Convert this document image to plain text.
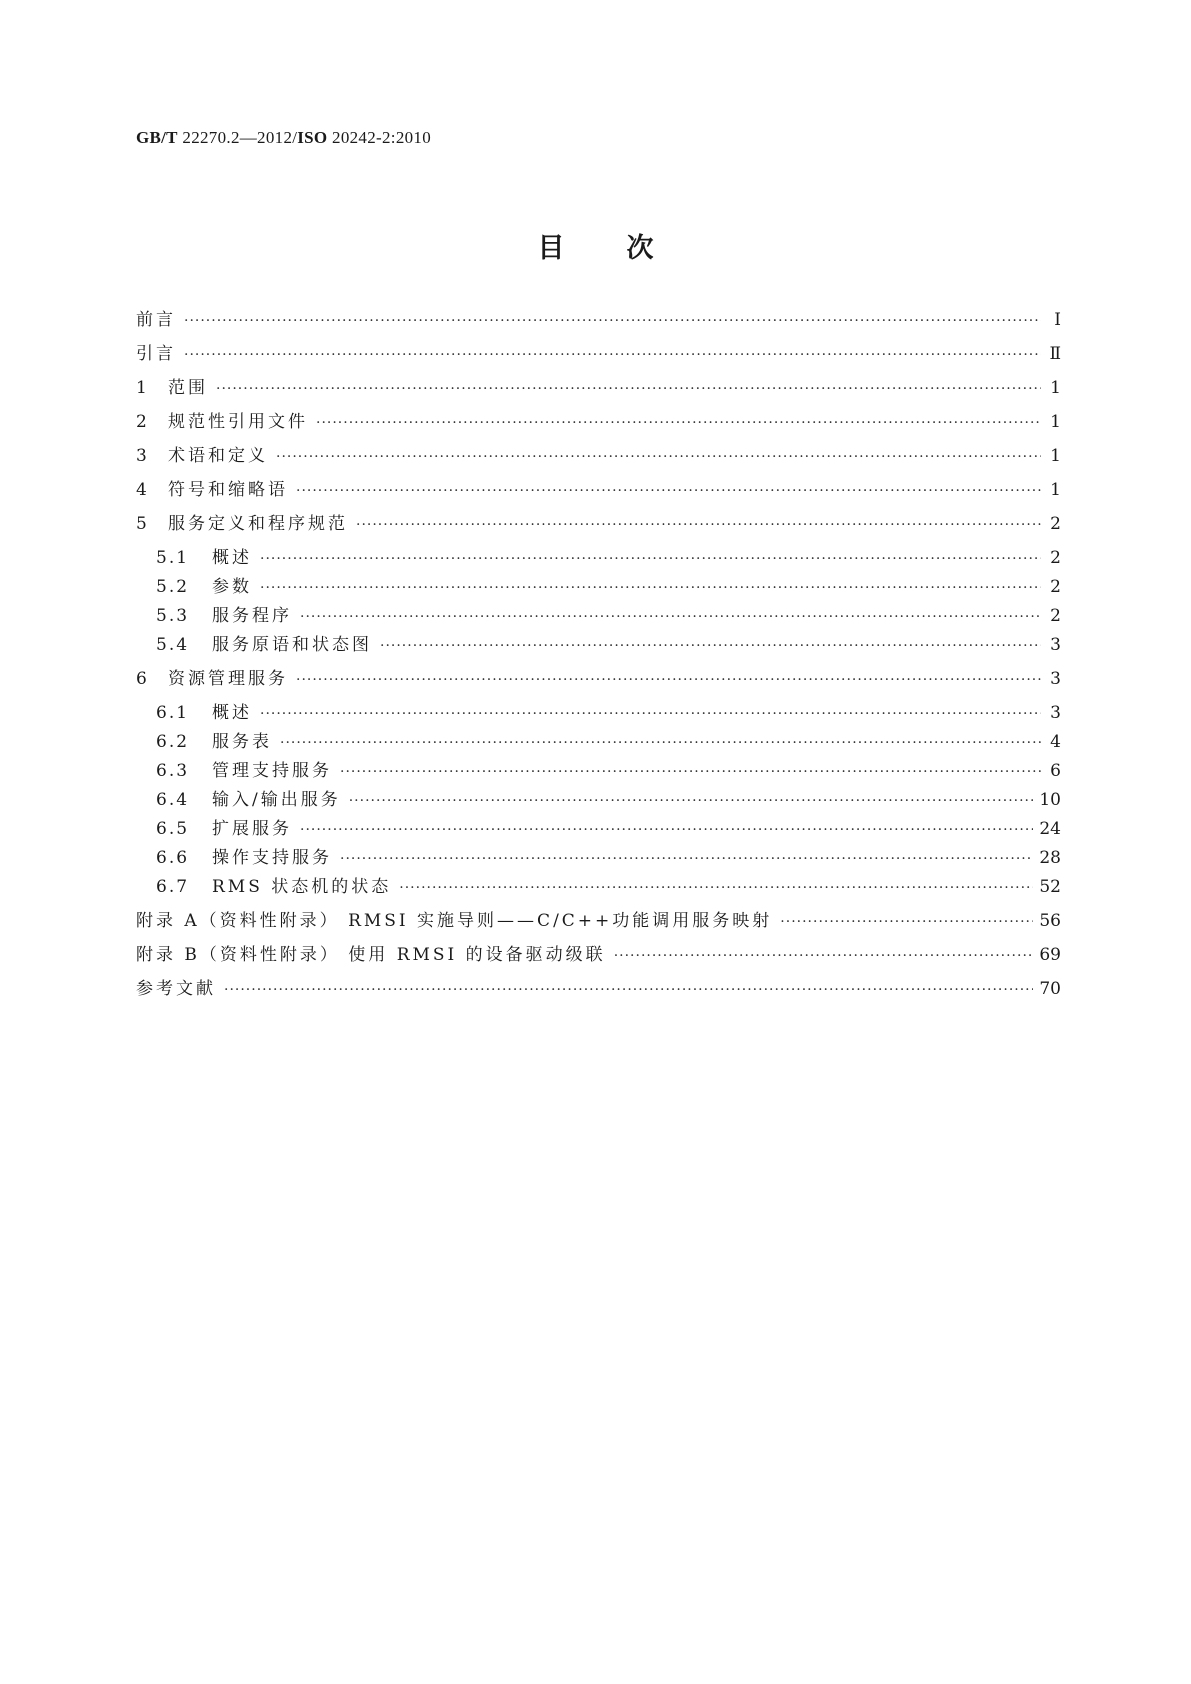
GB/T 22270.2—2012/ISO 20242-2:2010
目次
前言 ·····	Ⅰ
引言 ·····	Ⅱ
1	范围 ·····	1
2	规范性引用文件 ·····	1
3	术语和定义 ·····	1
4	符号和缩略语 ·····	1
5	服务定义和程序规范 ·····	2
5.1	概述 ·····	2
5.2	参数 ·····	2
5.3	服务程序 ·····	2
5.4	服务原语和状态图 ·····	3
6	资源管理服务 ·····	3
6.1	概述 ·····	3
6.2	服务表 ·····	4
6.3	管理支持服务 ·····	6
6.4	输入/输出服务 ·····	10
6.5	扩展服务 ·····	24
6.6	操作支持服务 ·····	28
6.7	RMS 状态机的状态 ·····	52
附录 A（资料性附录） RMSI 实施导则——C/C++功能调用服务映射 ·····	56
附录 B（资料性附录） 使用 RMSI 的设备驱动级联 ·····	69
参考文献 ·····	70
